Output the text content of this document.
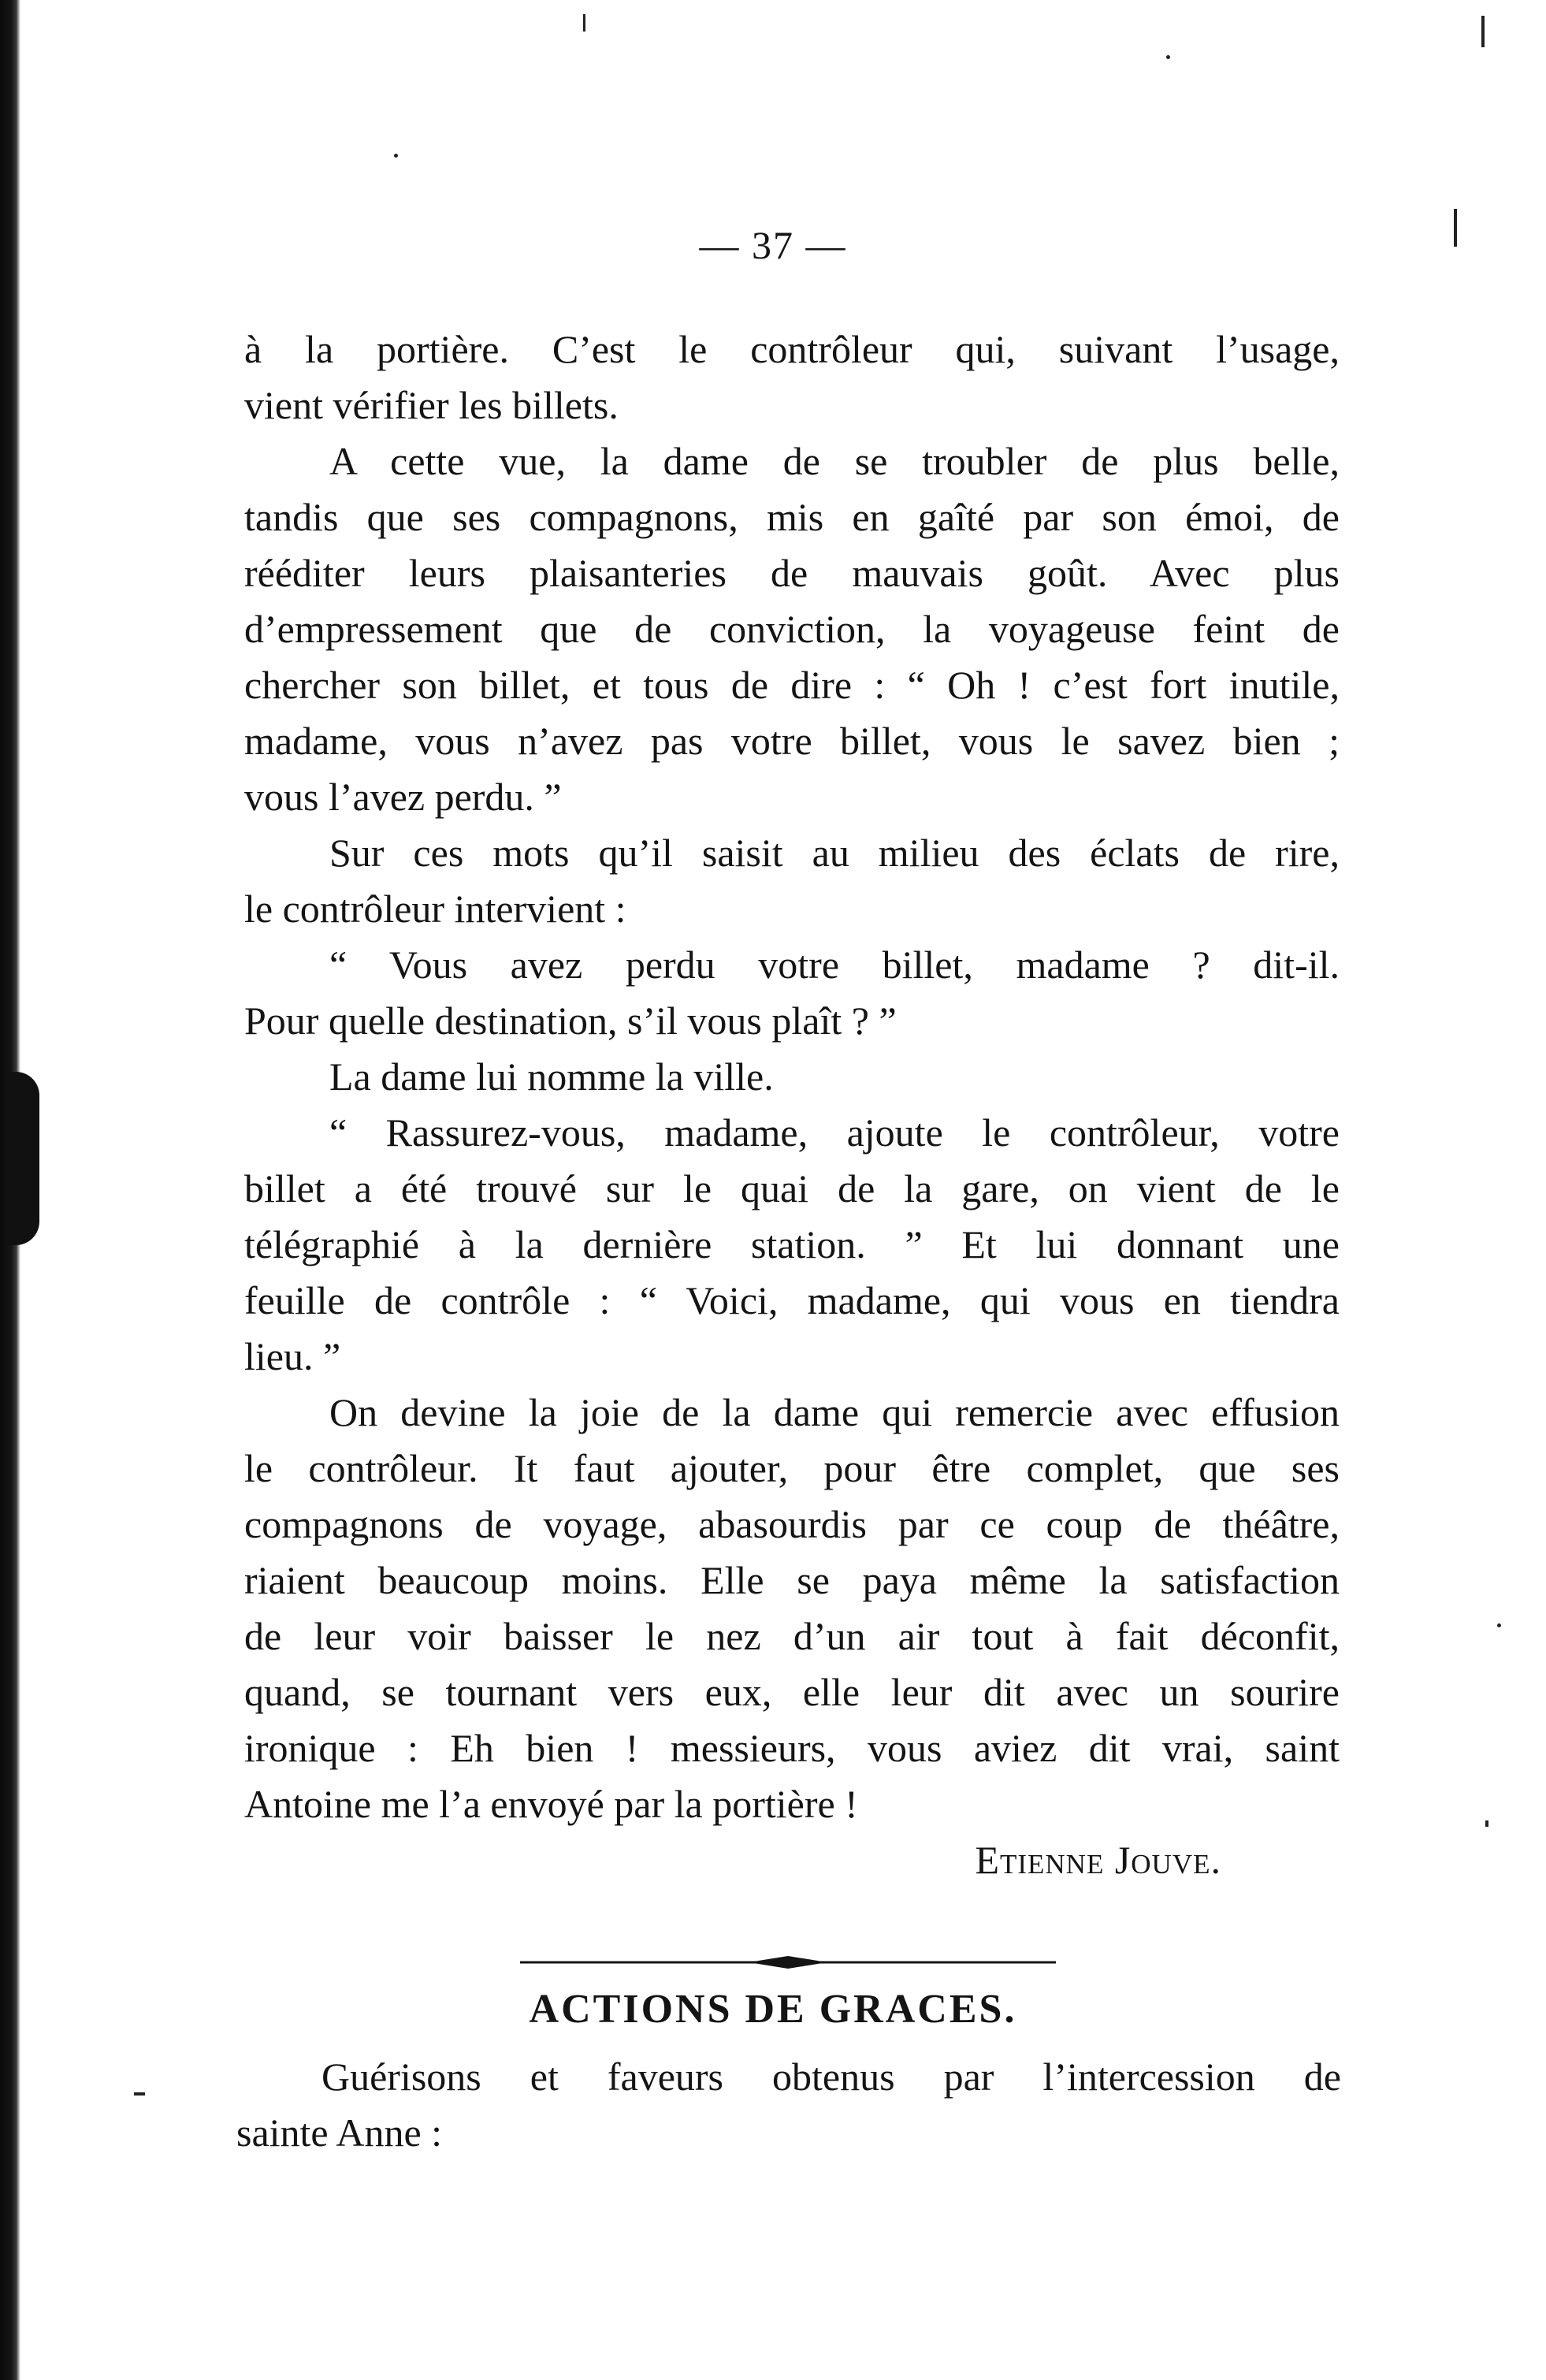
— 37 —
à la portière. C’est le contrôleur qui, suivant l’usage,
vient vérifier les billets.
A cette vue, la dame de se troubler de plus belle,
tandis que ses compagnons, mis en gaîté par son émoi, de
rééditer leurs plaisanteries de mauvais goût. Avec plus
d’empressement que de conviction, la voyageuse feint de
chercher son billet, et tous de dire : “ Oh ! c’est fort inutile,
madame, vous n’avez pas votre billet, vous le savez bien ;
vous l’avez perdu. ”
Sur ces mots qu’il saisit au milieu des éclats de rire,
le contrôleur intervient :
“ Vous avez perdu votre billet, madame ? dit-il.
Pour quelle destination, s’il vous plaît ? ”
La dame lui nomme la ville.
“ Rassurez-vous, madame, ajoute le contrôleur, votre
billet a été trouvé sur le quai de la gare, on vient de le
télégraphié à la dernière station. ” Et lui donnant une
feuille de contrôle : “ Voici, madame, qui vous en tiendra
lieu. ”
On devine la joie de la dame qui remercie avec effusion
le contrôleur. It faut ajouter, pour être complet, que ses
compagnons de voyage, abasourdis par ce coup de théâtre,
riaient beaucoup moins. Elle se paya même la satisfaction
de leur voir baisser le nez d’un air tout à fait déconfit,
quand, se tournant vers eux, elle leur dit avec un sourire
ironique : Eh bien ! messieurs, vous aviez dit vrai, saint
Antoine me l’a envoyé par la portière !
Etienne Jouve.
ACTIONS DE GRACES.
Guérisons et faveurs obtenus par l’intercession de
sainte Anne :
